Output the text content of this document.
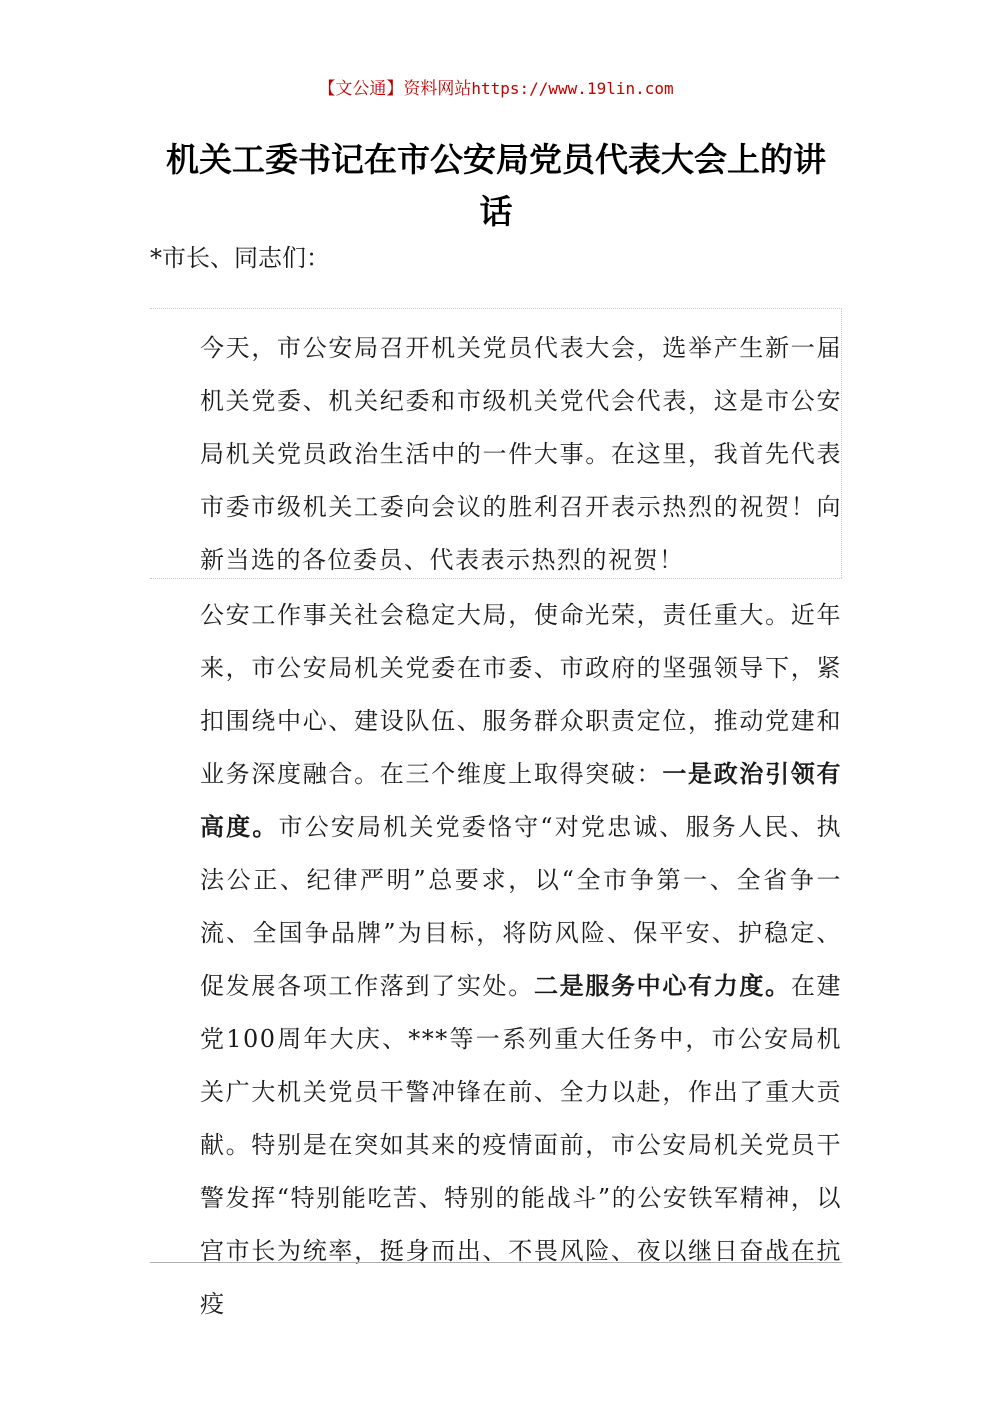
【文公通】资料网站https://www.19lin.com
机关工委书记在市公安局党员代表大会上的讲话
*市长、同志们：
今天，市公安局召开机关党员代表大会，选举产生新一届机关党委、机关纪委和市级机关党代会代表，这是市公安局机关党员政治生活中的一件大事。在这里，我首先代表市委市级机关工委向会议的胜利召开表示热烈的祝贺！向新当选的各位委员、代表表示热烈的祝贺！
公安工作事关社会稳定大局，使命光荣，责任重大。近年来，市公安局机关党委在市委、市政府的坚强领导下，紧扣围绕中心、建设队伍、服务群众职责定位，推动党建和业务深度融合。在三个维度上取得突破：一是政治引领有高度。市公安局机关党委恪守“对党忠诚、服务人民、执法公正、纪律严明”总要求，以“全市争第一、全省争一流、全国争品牌”为目标，将防风险、保平安、护稳定、促发展各项工作落到了实处。二是服务中心有力度。在建党100周年大庆、***等一系列重大任务中，市公安局机关广大机关党员干警冲锋在前、全力以赴，作出了重大贡献。特别是在突如其来的疫情面前，市公安局机关党员干警发挥“特别能吃苦、特别的能战斗”的公安铁军精神，以宫市长为统率，挺身而出、不畏风险、夜以继日奋战在抗疫
